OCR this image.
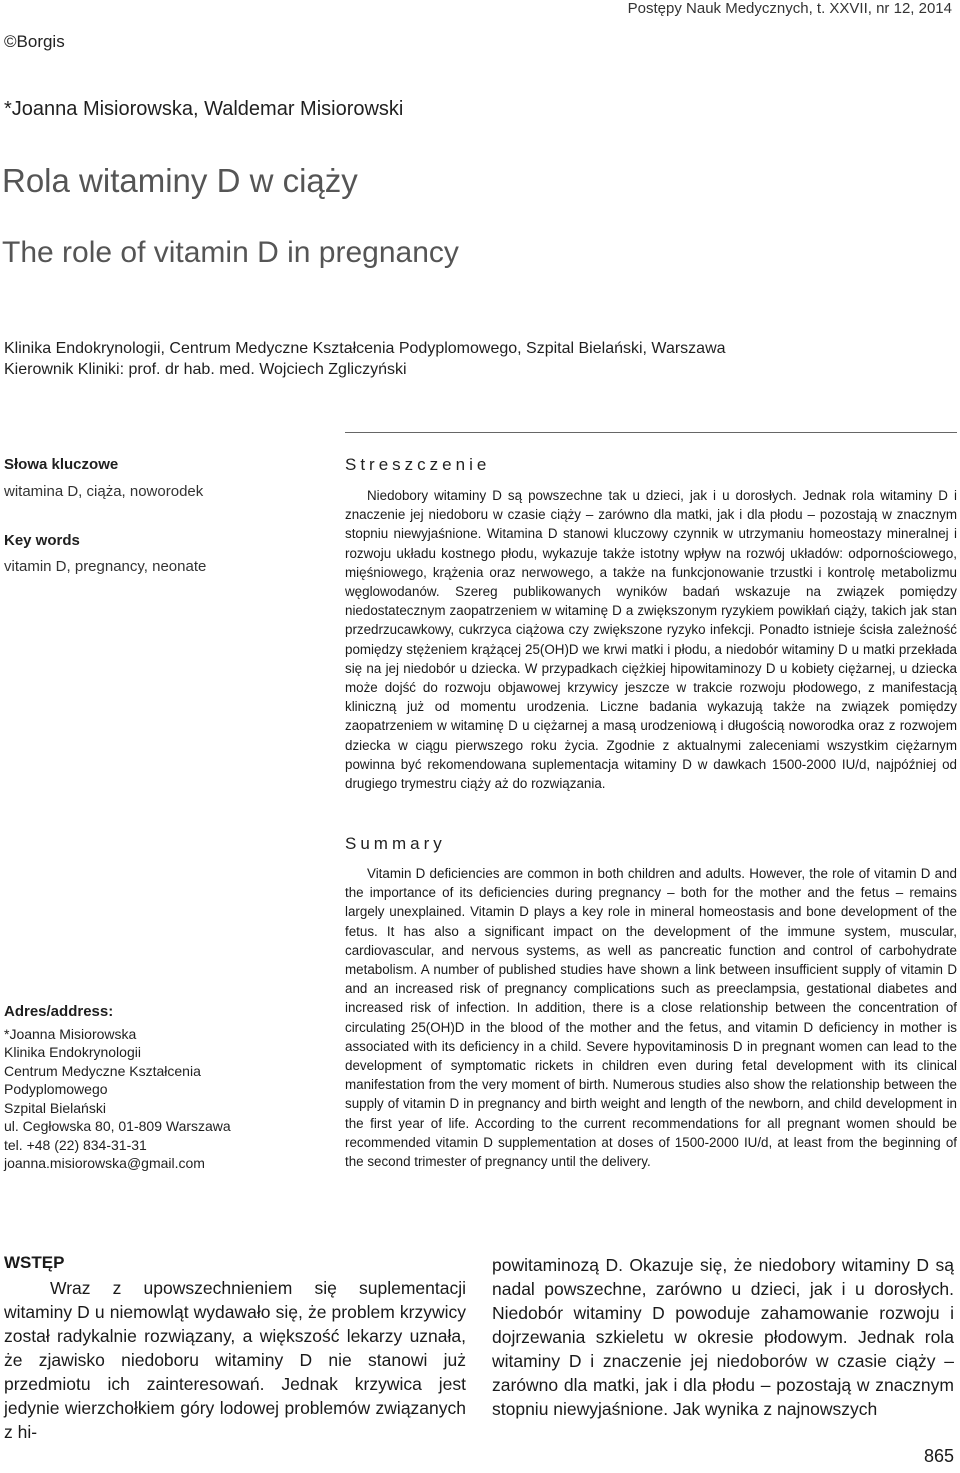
Postępy Nauk Medycznych, t. XXVII, nr 12, 2014
©Borgis
*Joanna Misiorowska, Waldemar Misiorowski
Rola witaminy D w ciąży
The role of vitamin D in pregnancy
Klinika Endokrynologii, Centrum Medyczne Kształcenia Podyplomowego, Szpital Bielański, Warszawa
Kierownik Kliniki: prof. dr hab. med. Wojciech Zgliczyński
Słowa kluczowe
witamina D, ciąża, noworodek
Key words
vitamin D, pregnancy, neonate
Streszczenie
Niedobory witaminy D są powszechne tak u dzieci, jak i u dorosłych. Jednak rola witaminy D i znaczenie jej niedoboru w czasie ciąży – zarówno dla matki, jak i dla płodu – pozostają w znacznym stopniu niewyjaśnione. Witamina D stanowi kluczowy czynnik w utrzymaniu homeostazy mineralnej i rozwoju układu kostnego płodu, wykazuje także istotny wpływ na rozwój układów: odpornościowego, mięśniowego, krążenia oraz nerwowego, a także na funkcjonowanie trzustki i kontrolę metabolizmu węglowodanów. Szereg publikowanych wyników badań wskazuje na związek pomiędzy niedostatecznym zaopatrzeniem w witaminę D a zwiększonym ryzykiem powikłań ciąży, takich jak stan przedrzucawkowy, cukrzyca ciążowa czy zwiększone ryzyko infekcji. Ponadto istnieje ścisła zależność pomiędzy stężeniem krążącej 25(OH)D we krwi matki i płodu, a niedobór witaminy D u matki przekłada się na jej niedobór u dziecka. W przypadkach ciężkiej hipowitaminozy D u kobiety ciężarnej, u dziecka może dojść do rozwoju objawowej krzywicy jeszcze w trakcie rozwoju płodowego, z manifestacją kliniczną już od momentu urodzenia. Liczne badania wykazują także na związek pomiędzy zaopatrzeniem w witaminę D u ciężarnej a masą urodzeniową i długością noworodka oraz z rozwojem dziecka w ciągu pierwszego roku życia. Zgodnie z aktualnymi zaleceniami wszystkim ciężarnym powinna być rekomendowana suplementacja witaminy D w dawkach 1500-2000 IU/d, najpóźniej od drugiego trymestru ciąży aż do rozwiązania.
Summary
Vitamin D deficiencies are common in both children and adults. However, the role of vitamin D and the importance of its deficiencies during pregnancy – both for the mother and the fetus – remains largely unexplained. Vitamin D plays a key role in mineral homeostasis and bone development of the fetus. It has also a significant impact on the development of the immune system, muscular, cardiovascular, and nervous systems, as well as pancreatic function and control of carbohydrate metabolism. A number of published studies have shown a link between insufficient supply of vitamin D and an increased risk of pregnancy complications such as preeclampsia, gestational diabetes and increased risk of infection. In addition, there is a close relationship between the concentration of circulating 25(OH)D in the blood of the mother and the fetus, and vitamin D deficiency in mother is associated with its deficiency in a child. Severe hypovitaminosis D in pregnant women can lead to the development of symptomatic rickets in children even during fetal development with its clinical manifestation from the very moment of birth. Numerous studies also show the relationship between the supply of vitamin D in pregnancy and birth weight and length of the newborn, and child development in the first year of life. According to the current recommendations for all pregnant women should be recommended vitamin D supplementation at doses of 1500-2000 IU/d, at least from the beginning of the second trimester of pregnancy until the delivery.
Adres/address:
*Joanna Misiorowska
Klinika Endokrynologii
Centrum Medyczne Kształcenia
Podyplomowego
Szpital Bielański
ul. Cegłowska 80, 01-809 Warszawa
tel. +48 (22) 834-31-31
joanna.misiorowska@gmail.com
WSTĘP
Wraz z upowszechnieniem się suplementacji witaminy D u niemowląt wydawało się, że problem krzywicy został radykalnie rozwiązany, a większość lekarzy uznała, że zjawisko niedoboru witaminy D nie stanowi już przedmiotu ich zainteresowań. Jednak krzywica jest jedynie wierzchołkiem góry lodowej problemów związanych z hi-
powitaminozą D. Okazuje się, że niedobory witaminy D są nadal powszechne, zarówno u dzieci, jak i u dorosłych. Niedobór witaminy D powoduje zahamowanie rozwoju i dojrzewania szkieletu w okresie płodowym. Jednak rola witaminy D i znaczenie jej niedoborów w czasie ciąży – zarówno dla matki, jak i dla płodu – pozostają w znacznym stopniu niewyjaśnione. Jak wynika z najnowszych
865
